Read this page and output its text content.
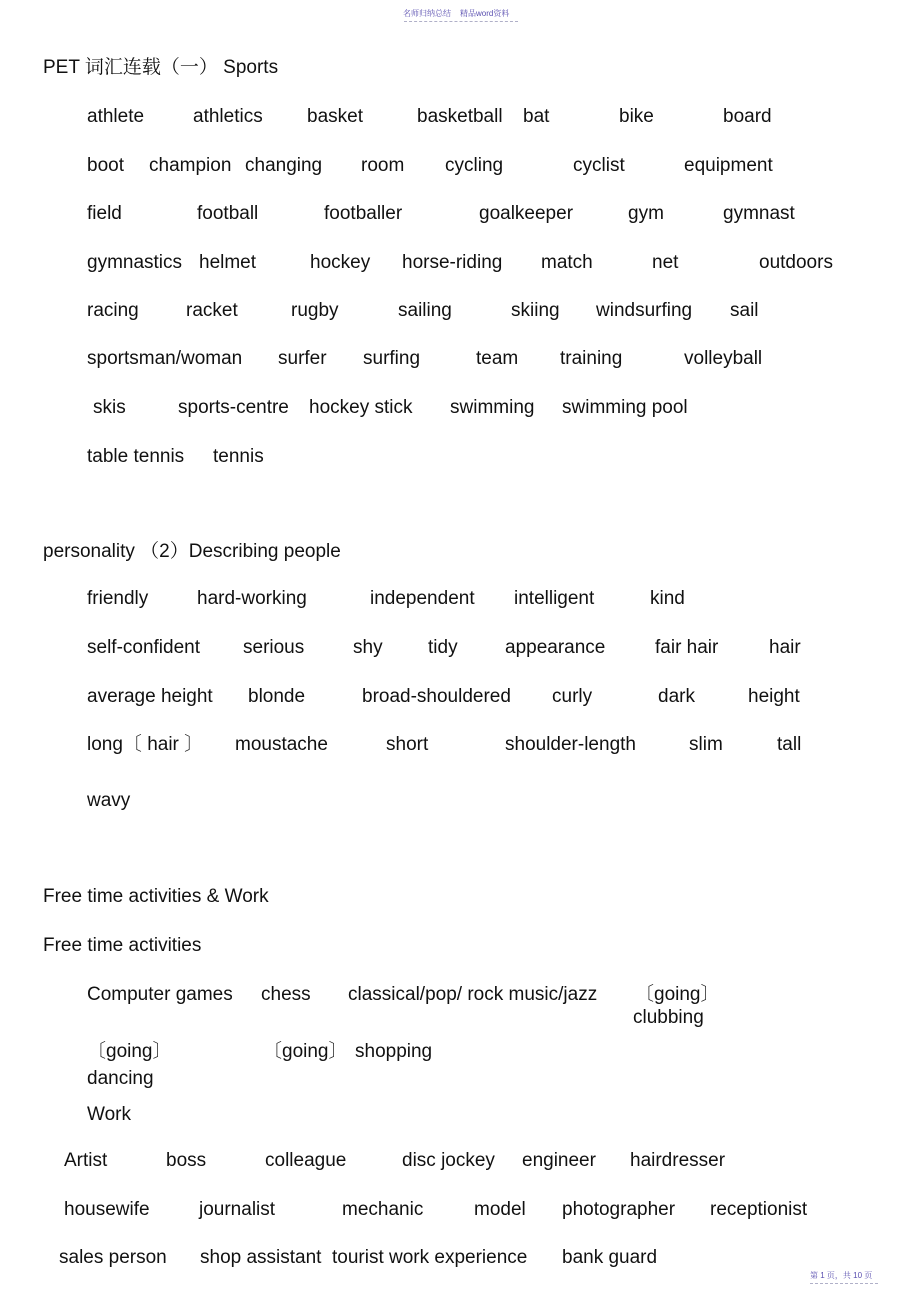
名师归纳总结 精品word资料
第 1 页，共 10 页
PET 词汇连载（一） Sports
athlete	athletics basket	basketball bat	bike	board
boot champion changing room cycling	cyclist	equipment
field	football	footballer	goalkeeper	gym	gymnast
gymnastics helmet	hockey horse-riding match	net	outdoors
racing racket	rugby	sailing	skiing windsurfing sail
sportsman/woman surfer surfing	team training	volleyball
skis	sports-centre hockey stick swimming swimming pool
table tennis tennis
personality （2）Describing people
friendly	hard-working	independent intelligent	kind
self-confident serious	shy tidy appearance	fair hair	hair
average height blonde	broad-shouldered curly	dark	height
long〔 hair 〕 moustache	short	shoulder-length	slim	tall
wavy
Free time activities & Work
Free time activities
Computer games chess classical/pop/ rock music/jazz 〔going〕
clubbing
〔going〕	〔going〕 shopping
dancing
Work
Artist	boss	colleague	disc jockey engineer hairdresser
housewife	journalist	mechanic	model photographer receptionist
sales person shop assistant tourist work experience bank guard
